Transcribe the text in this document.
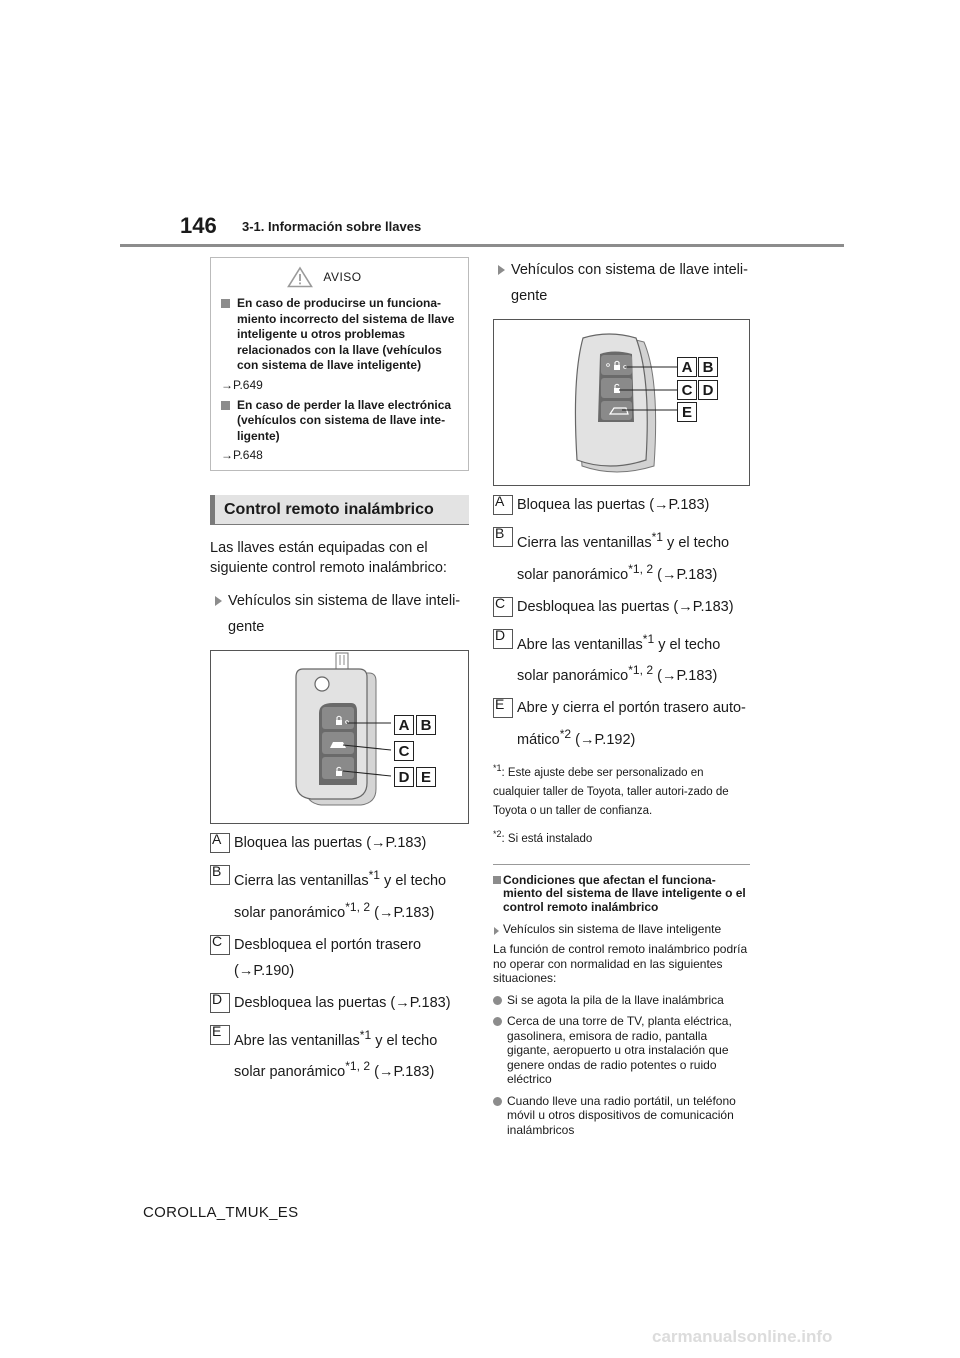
146 3-1. Información sobre llaves
AVISO
En caso de producirse un funciona-miento incorrecto del sistema de llave inteligente u otros problemas relacionados con la llave (vehículos con sistema de llave inteligente)
→P.649
En caso de perder la llave electrónica (vehículos con sistema de llave inte-ligente)
→P.648
Control remoto inalámbrico
Las llaves están equipadas con el siguiente control remoto inalámbrico:
Vehículos sin sistema de llave inteli-gente
A B
C
D E
A Bloquea las puertas (→P.183)
B
Cierra las ventanillas$^{*1}$ y el techo solar panorámico$^{*1, 2}$ (→P.183)
C Desbloquea el portón trasero (→P.190)
D Desbloquea las puertas (→P.183)
E
Abre las ventanillas$^{*1}$ y el techo solar panorámico$^{*1, 2}$ (→P.183)
Vehículos con sistema de llave inteli-gente
A B
C D
E
A Bloquea las puertas (→P.183)
B
Cierra las ventanillas$^{*1}$ y el techo solar panorámico$^{*1, 2}$ (→P.183)
C Desbloquea las puertas (→P.183)
D
Abre las ventanillas$^{*1}$ y el techo solar panorámico$^{*1, 2}$ (→P.183)
E Abre y cierra el portón trasero auto-mático$^{*2}$ (→P.192)
$^{*1}$: Este ajuste debe ser personalizado en cualquier taller de Toyota, taller autori-zado de Toyota o un taller de confianza.
$^{*2}$: Si está instalado
Condiciones que afectan el funciona-miento del sistema de llave inteligente o el control remoto inalámbrico
Vehículos sin sistema de llave inteligente
La función de control remoto inalámbrico podría no operar con normalidad en las siguientes situaciones:
Si se agota la pila de la llave inalámbrica
Cerca de una torre de TV, planta eléctrica, gasolinera, emisora de radio, pantalla gigante, aeropuerto u otra instalación que genere ondas de radio potentes o ruido eléctrico
Cuando lleve una radio portátil, un teléfono móvil u otros dispositivos de comunicación inalámbricos
COROLLA_TMUK_ES
carmanualsonline.info
